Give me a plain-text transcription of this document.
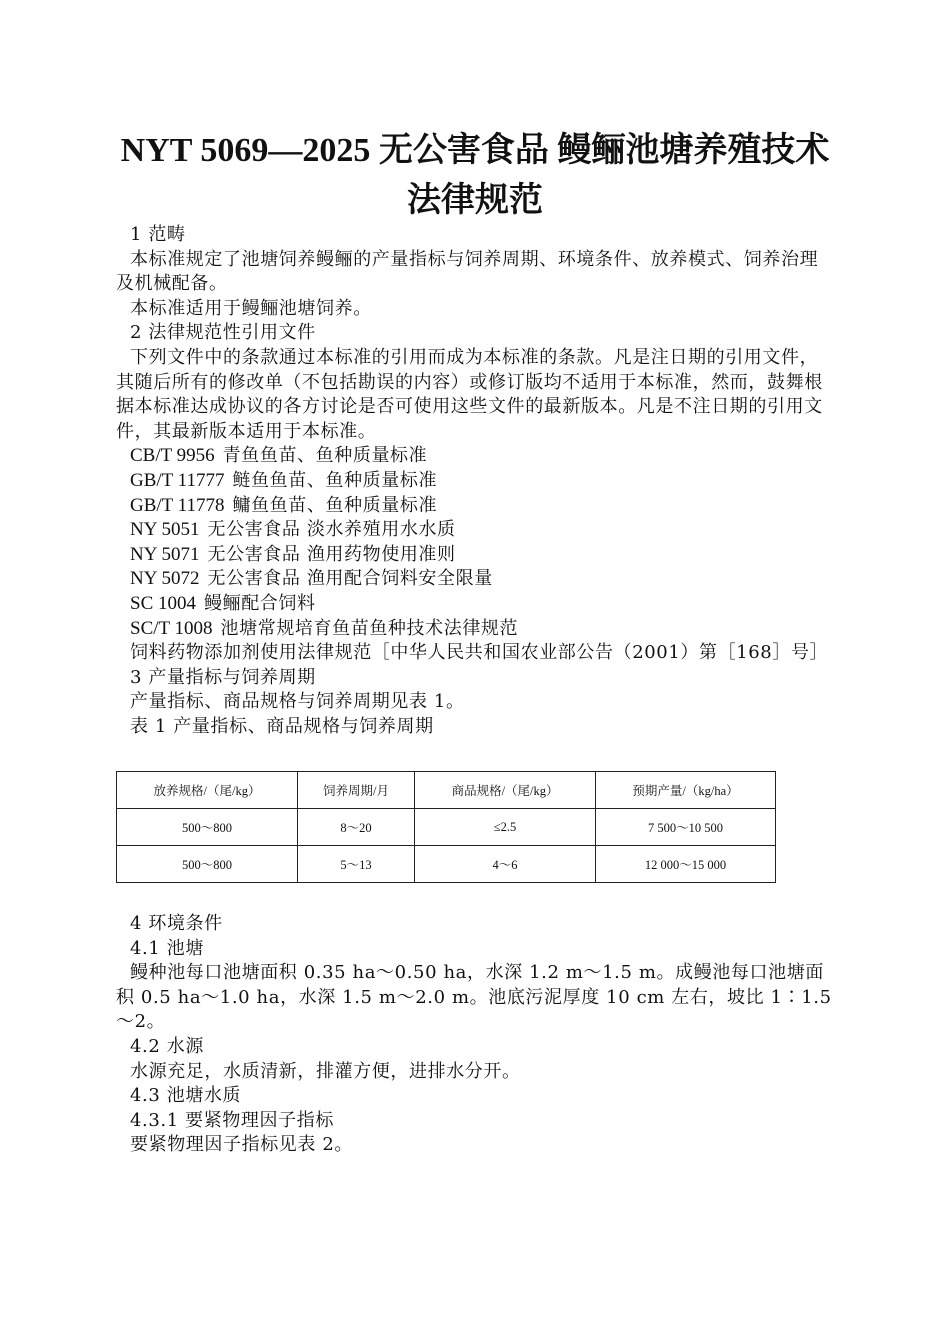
NYT 5069—2025 无公害食品 鳗鲡池塘养殖技术法律规范

1 范畴

本标准规定了池塘饲养鳗鲡的产量指标与饲养周期、环境条件、放养模式、饲养治理及机械配备。

本标准适用于鳗鲡池塘饲养。

2 法律规范性引用文件

下列文件中的条款通过本标准的引用而成为本标准的条款。凡是注日期的引用文件，其随后所有的修改单（不包括勘误的内容）或修订版均不适用于本标准，然而，鼓舞根据本标准达成协议的各方讨论是否可使用这些文件的最新版本。凡是不注日期的引用文件，其最新版本适用于本标准。

CB/T 9956 青鱼鱼苗、鱼种质量标准

GB/T 11777 鲢鱼鱼苗、鱼种质量标准

GB/T 11778 鳙鱼鱼苗、鱼种质量标准

NY 5051 无公害食品 淡水养殖用水水质

NY 5071 无公害食品 渔用药物使用准则

NY 5072 无公害食品 渔用配合饲料安全限量

SC 1004 鳗鲡配合饲料

SC/T 1008 池塘常规培育鱼苗鱼种技术法律规范

饲料药物添加剂使用法律规范［中华人民共和国农业部公告（2001）第［168］号］

3 产量指标与饲养周期

产量指标、商品规格与饲养周期见表 1。

表 1 产量指标、商品规格与饲养周期

放养规格/（尾/kg）	饲养周期/月	商品规格/（尾/kg）	预期产量/（kg/ha）
500～800	8～20	≤2.5	7 500～10 500
500～800	5～13	4～6	12 000～15 000

4 环境条件

4.1 池塘

鳗种池每口池塘面积 0.35 ha～0.50 ha，水深 1.2 m～1.5 m。成鳗池每口池塘面积 0.5 ha～1.0 ha，水深 1.5 m～2.0 m。池底污泥厚度 10 cm 左右，坡比 1∶1.5～2。

4.2 水源

水源充足，水质清新，排灌方便，进排水分开。

4.3 池塘水质

4.3.1 要紧物理因子指标

要紧物理因子指标见表 2。
